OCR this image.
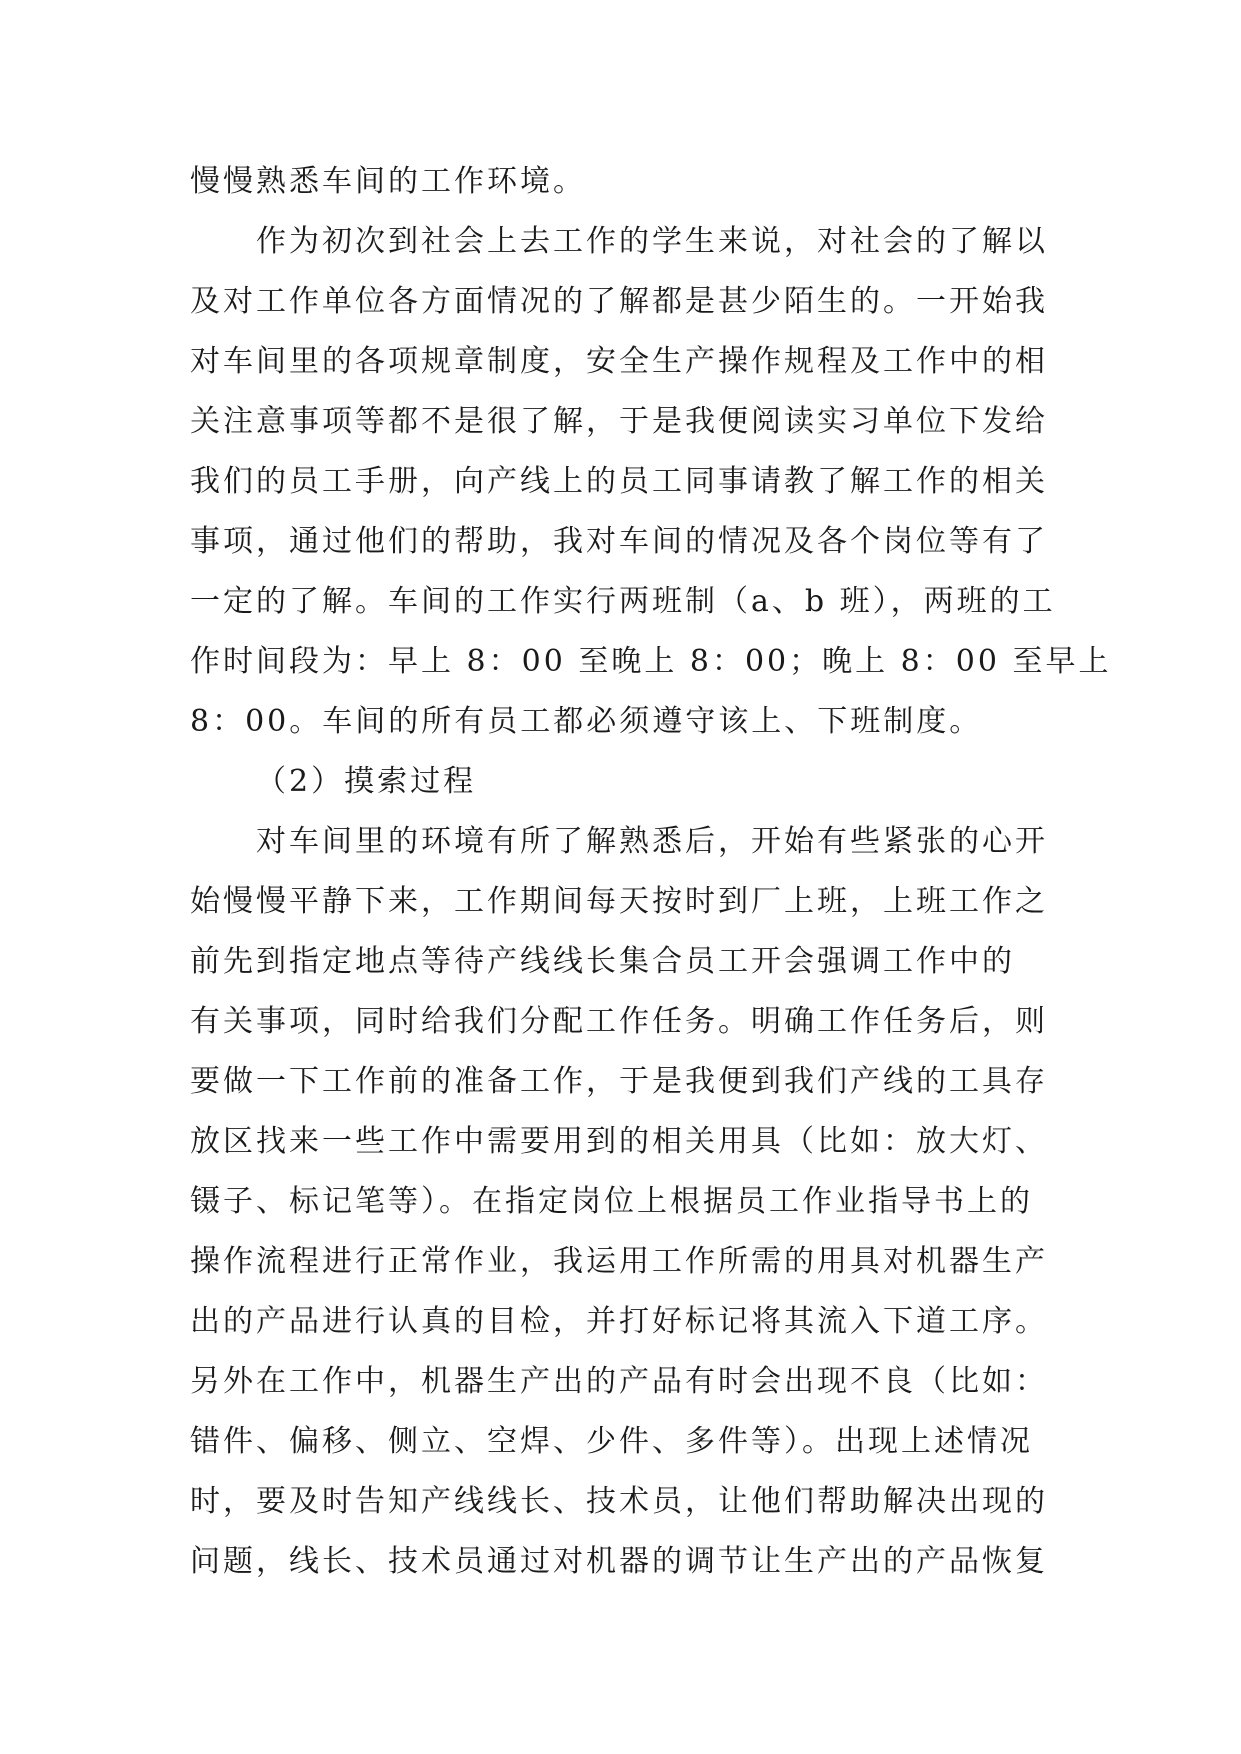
慢慢熟悉车间的工作环境。
作为初次到社会上去工作的学生来说，对社会的了解以
及对工作单位各方面情况的了解都是甚少陌生的。一开始我
对车间里的各项规章制度，安全生产操作规程及工作中的相
关注意事项等都不是很了解，于是我便阅读实习单位下发给
我们的员工手册，向产线上的员工同事请教了解工作的相关
事项，通过他们的帮助，我对车间的情况及各个岗位等有了
一定的了解。车间的工作实行两班制（a、b 班），两班的工
作时间段为：早上 8：00 至晚上 8：00；晚上 8：00 至早上
8：00。车间的所有员工都必须遵守该上、下班制度。
（2）摸索过程
对车间里的环境有所了解熟悉后，开始有些紧张的心开
始慢慢平静下来，工作期间每天按时到厂上班，上班工作之
前先到指定地点等待产线线长集合员工开会强调工作中的
有关事项，同时给我们分配工作任务。明确工作任务后，则
要做一下工作前的准备工作，于是我便到我们产线的工具存
放区找来一些工作中需要用到的相关用具（比如：放大灯、
镊子、标记笔等）。在指定岗位上根据员工作业指导书上的
操作流程进行正常作业，我运用工作所需的用具对机器生产
出的产品进行认真的目检，并打好标记将其流入下道工序。
另外在工作中，机器生产出的产品有时会出现不良（比如：
错件、偏移、侧立、空焊、少件、多件等）。出现上述情况
时，要及时告知产线线长、技术员，让他们帮助解决出现的
问题，线长、技术员通过对机器的调节让生产出的产品恢复
